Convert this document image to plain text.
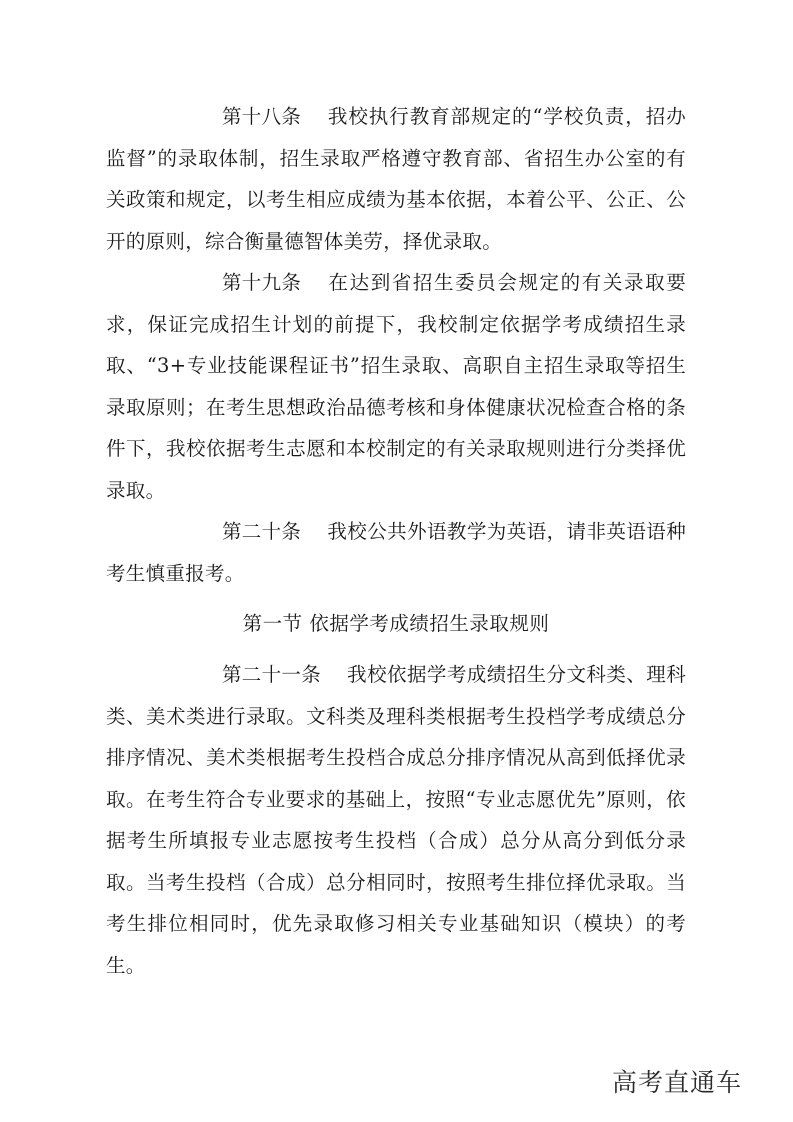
第十八条 我校执行教育部规定的“学校负责，招办监督”的录取体制，招生录取严格遵守教育部、省招生办公室的有关政策和规定，以考生相应成绩为基本依据，本着公平、公正、公开的原则，综合衡量德智体美劳，择优录取。

第十九条 在达到省招生委员会规定的有关录取要求，保证完成招生计划的前提下，我校制定依据学考成绩招生录取、“3+专业技能课程证书”招生录取、高职自主招生录取等招生录取原则；在考生思想政治品德考核和身体健康状况检查合格的条件下，我校依据考生志愿和本校制定的有关录取规则进行分类择优录取。

第二十条 我校公共外语教学为英语，请非英语语种考生慎重报考。

第一节 依据学考成绩招生录取规则

第二十一条 我校依据学考成绩招生分文科类、理科类、美术类进行录取。文科类及理科类根据考生投档学考成绩总分排序情况、美术类根据考生投档合成总分排序情况从高到低择优录取。在考生符合专业要求的基础上，按照“专业志愿优先”原则，依据考生所填报专业志愿按考生投档（合成）总分从高分到低分录取。当考生投档（合成）总分相同时，按照考生排位择优录取。当考生排位相同时，优先录取修习相关专业基础知识（模块）的考生。

高考直通车
